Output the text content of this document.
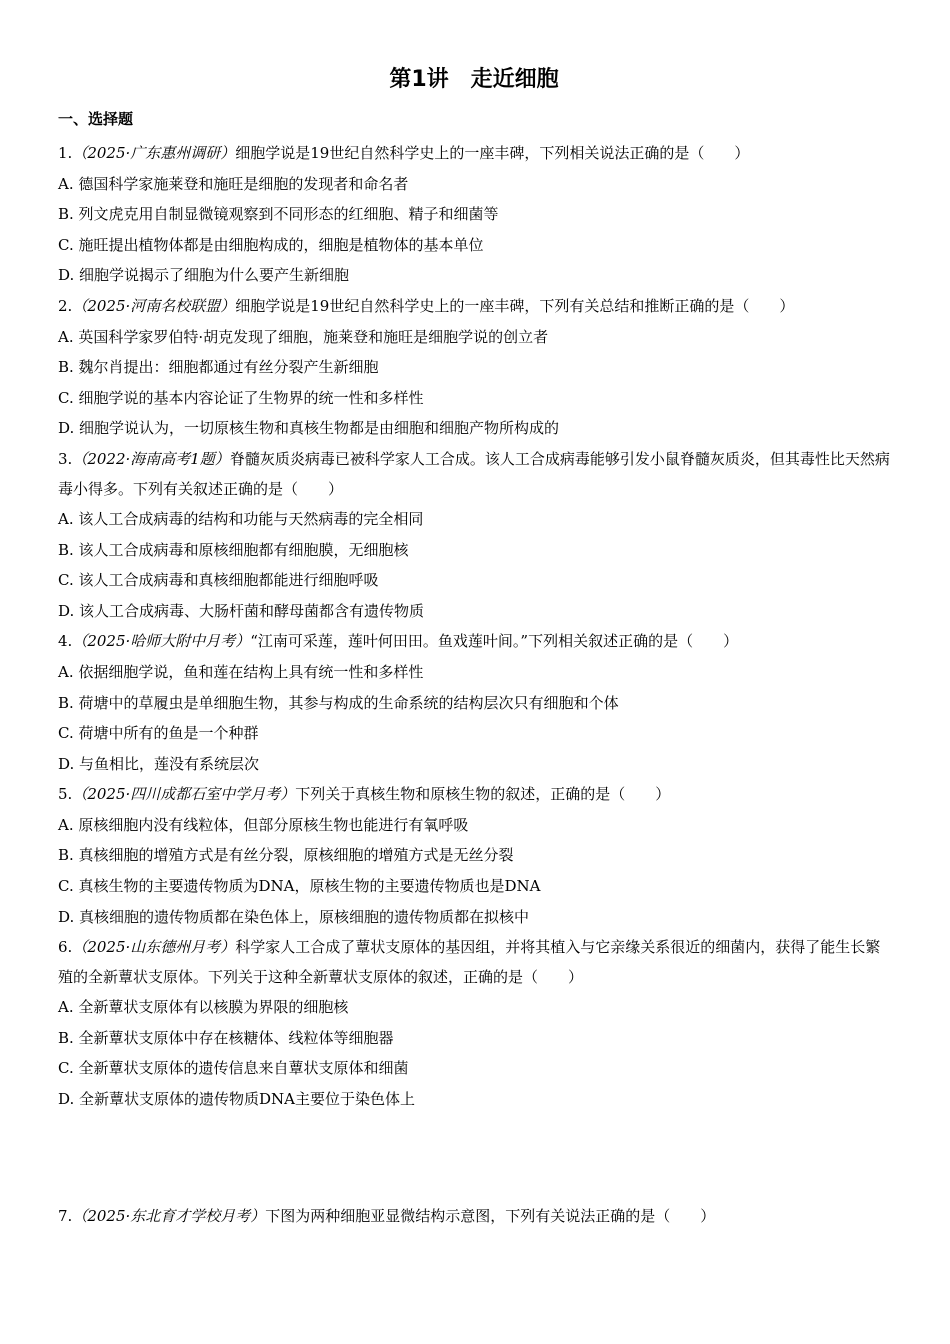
第1讲　走近细胞
一、选择题
1.（2025·广东惠州调研）细胞学说是19世纪自然科学史上的一座丰碑，下列相关说法正确的是（　　）
A. 德国科学家施莱登和施旺是细胞的发现者和命名者
B. 列文虎克用自制显微镜观察到不同形态的红细胞、精子和细菌等
C. 施旺提出植物体都是由细胞构成的，细胞是植物体的基本单位
D. 细胞学说揭示了细胞为什么要产生新细胞
2.（2025·河南名校联盟）细胞学说是19世纪自然科学史上的一座丰碑，下列有关总结和推断正确的是（　　）
A. 英国科学家罗伯特·胡克发现了细胞，施莱登和施旺是细胞学说的创立者
B. 魏尔肖提出：细胞都通过有丝分裂产生新细胞
C. 细胞学说的基本内容论证了生物界的统一性和多样性
D. 细胞学说认为，一切原核生物和真核生物都是由细胞和细胞产物所构成的
3.（2022·海南高考1题）脊髓灰质炎病毒已被科学家人工合成。该人工合成病毒能够引发小鼠脊髓灰质炎，但其毒性比天然病毒小得多。下列有关叙述正确的是（　　）
A. 该人工合成病毒的结构和功能与天然病毒的完全相同
B. 该人工合成病毒和原核细胞都有细胞膜，无细胞核
C. 该人工合成病毒和真核细胞都能进行细胞呼吸
D. 该人工合成病毒、大肠杆菌和酵母菌都含有遗传物质
4.（2025·哈师大附中月考）“江南可采莲，莲叶何田田。鱼戏莲叶间。”下列相关叙述正确的是（　　）
A. 依据细胞学说，鱼和莲在结构上具有统一性和多样性
B. 荷塘中的草履虫是单细胞生物，其参与构成的生命系统的结构层次只有细胞和个体
C. 荷塘中所有的鱼是一个种群
D. 与鱼相比，莲没有系统层次
5.（2025·四川成都石室中学月考）下列关于真核生物和原核生物的叙述，正确的是（　　）
A. 原核细胞内没有线粒体，但部分原核生物也能进行有氧呼吸
B. 真核细胞的增殖方式是有丝分裂，原核细胞的增殖方式是无丝分裂
C. 真核生物的主要遗传物质为DNA，原核生物的主要遗传物质也是DNA
D. 真核细胞的遗传物质都在染色体上，原核细胞的遗传物质都在拟核中
6.（2025·山东德州月考）科学家人工合成了蕈状支原体的基因组，并将其植入与它亲缘关系很近的细菌内，获得了能生长繁殖的全新蕈状支原体。下列关于这种全新蕈状支原体的叙述，正确的是（　　）
A. 全新蕈状支原体有以核膜为界限的细胞核
B. 全新蕈状支原体中存在核糖体、线粒体等细胞器
C. 全新蕈状支原体的遗传信息来自蕈状支原体和细菌
D. 全新蕈状支原体的遗传物质DNA主要位于染色体上
7.（2025·东北育才学校月考）下图为两种细胞亚显微结构示意图，下列有关说法正确的是（　　）
